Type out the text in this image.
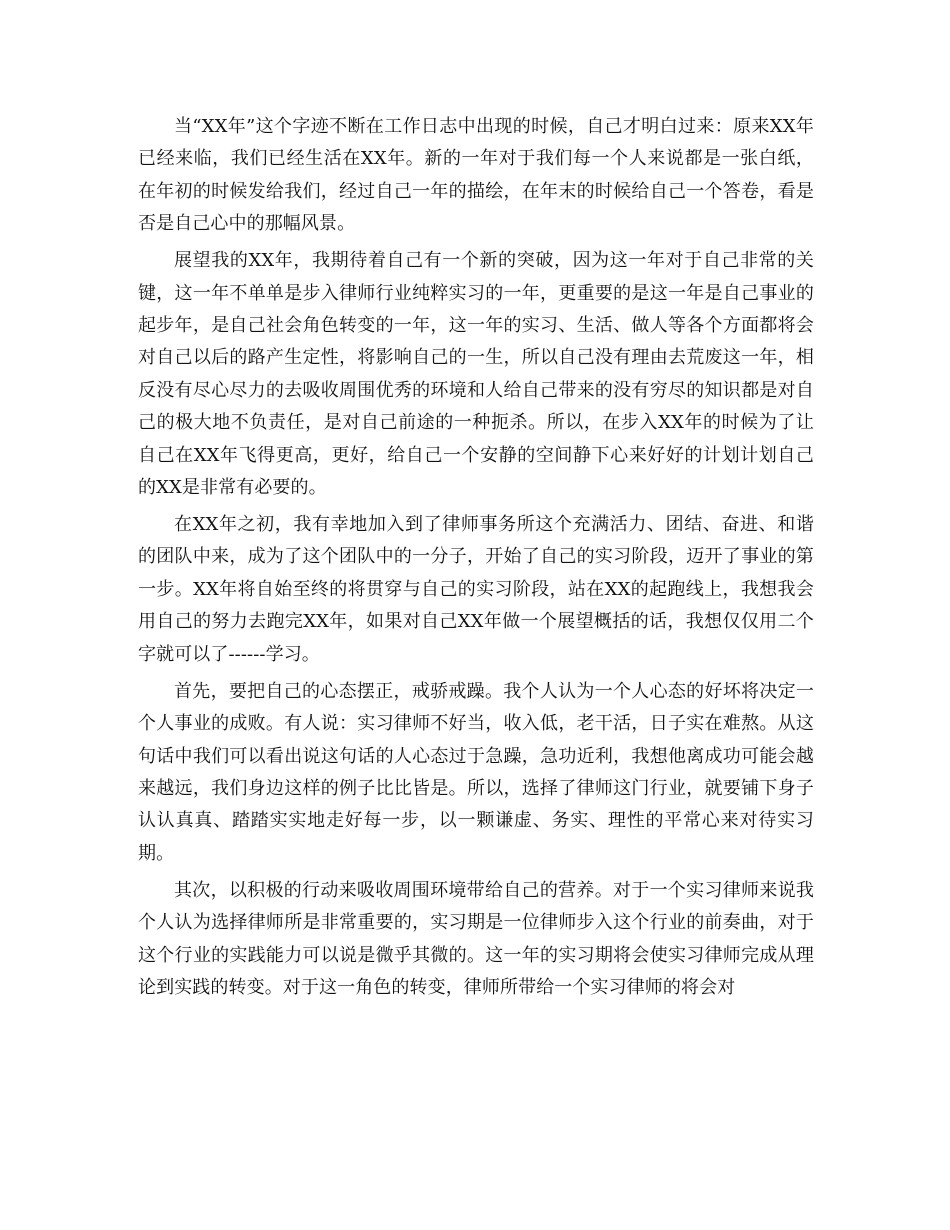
当“XX年”这个字迹不断在工作日志中出现的时候，自己才明白过来：原来XX年已经来临，我们已经生活在XX年。新的一年对于我们每一个人来说都是一张白纸，在年初的时候发给我们，经过自己一年的描绘，在年末的时候给自己一个答卷，看是否是自己心中的那幅风景。

展望我的XX年，我期待着自己有一个新的突破，因为这一年对于自己非常的关键，这一年不单单是步入律师行业纯粹实习的一年，更重要的是这一年是自己事业的起步年，是自己社会角色转变的一年，这一年的实习、生活、做人等各个方面都将会对自己以后的路产生定性，将影响自己的一生，所以自己没有理由去荒废这一年，相反没有尽心尽力的去吸收周围优秀的环境和人给自己带来的没有穷尽的知识都是对自己的极大地不负责任，是对自己前途的一种扼杀。所以，在步入XX年的时候为了让自己在XX年飞得更高，更好，给自己一个安静的空间静下心来好好的计划计划自己的XX是非常有必要的。

在XX年之初，我有幸地加入到了律师事务所这个充满活力、团结、奋进、和谐的团队中来，成为了这个团队中的一分子，开始了自己的实习阶段，迈开了事业的第一步。XX年将自始至终的将贯穿与自己的实习阶段，站在XX的起跑线上，我想我会用自己的努力去跑完XX年，如果对自己XX年做一个展望概括的话，我想仅仅用二个字就可以了------学习。

首先，要把自己的心态摆正，戒骄戒躁。我个人认为一个人心态的好坏将决定一个人事业的成败。有人说：实习律师不好当，收入低，老干活，日子实在难熬。从这句话中我们可以看出说这句话的人心态过于急躁，急功近利，我想他离成功可能会越来越远，我们身边这样的例子比比皆是。所以，选择了律师这门行业，就要铺下身子认认真真、踏踏实实地走好每一步，以一颗谦虚、务实、理性的平常心来对待实习期。

其次，以积极的行动来吸收周围环境带给自己的营养。对于一个实习律师来说我个人认为选择律师所是非常重要的，实习期是一位律师步入这个行业的前奏曲，对于这个行业的实践能力可以说是微乎其微的。这一年的实习期将会使实习律师完成从理论到实践的转变。对于这一角色的转变，律师所带给一个实习律师的将会对
